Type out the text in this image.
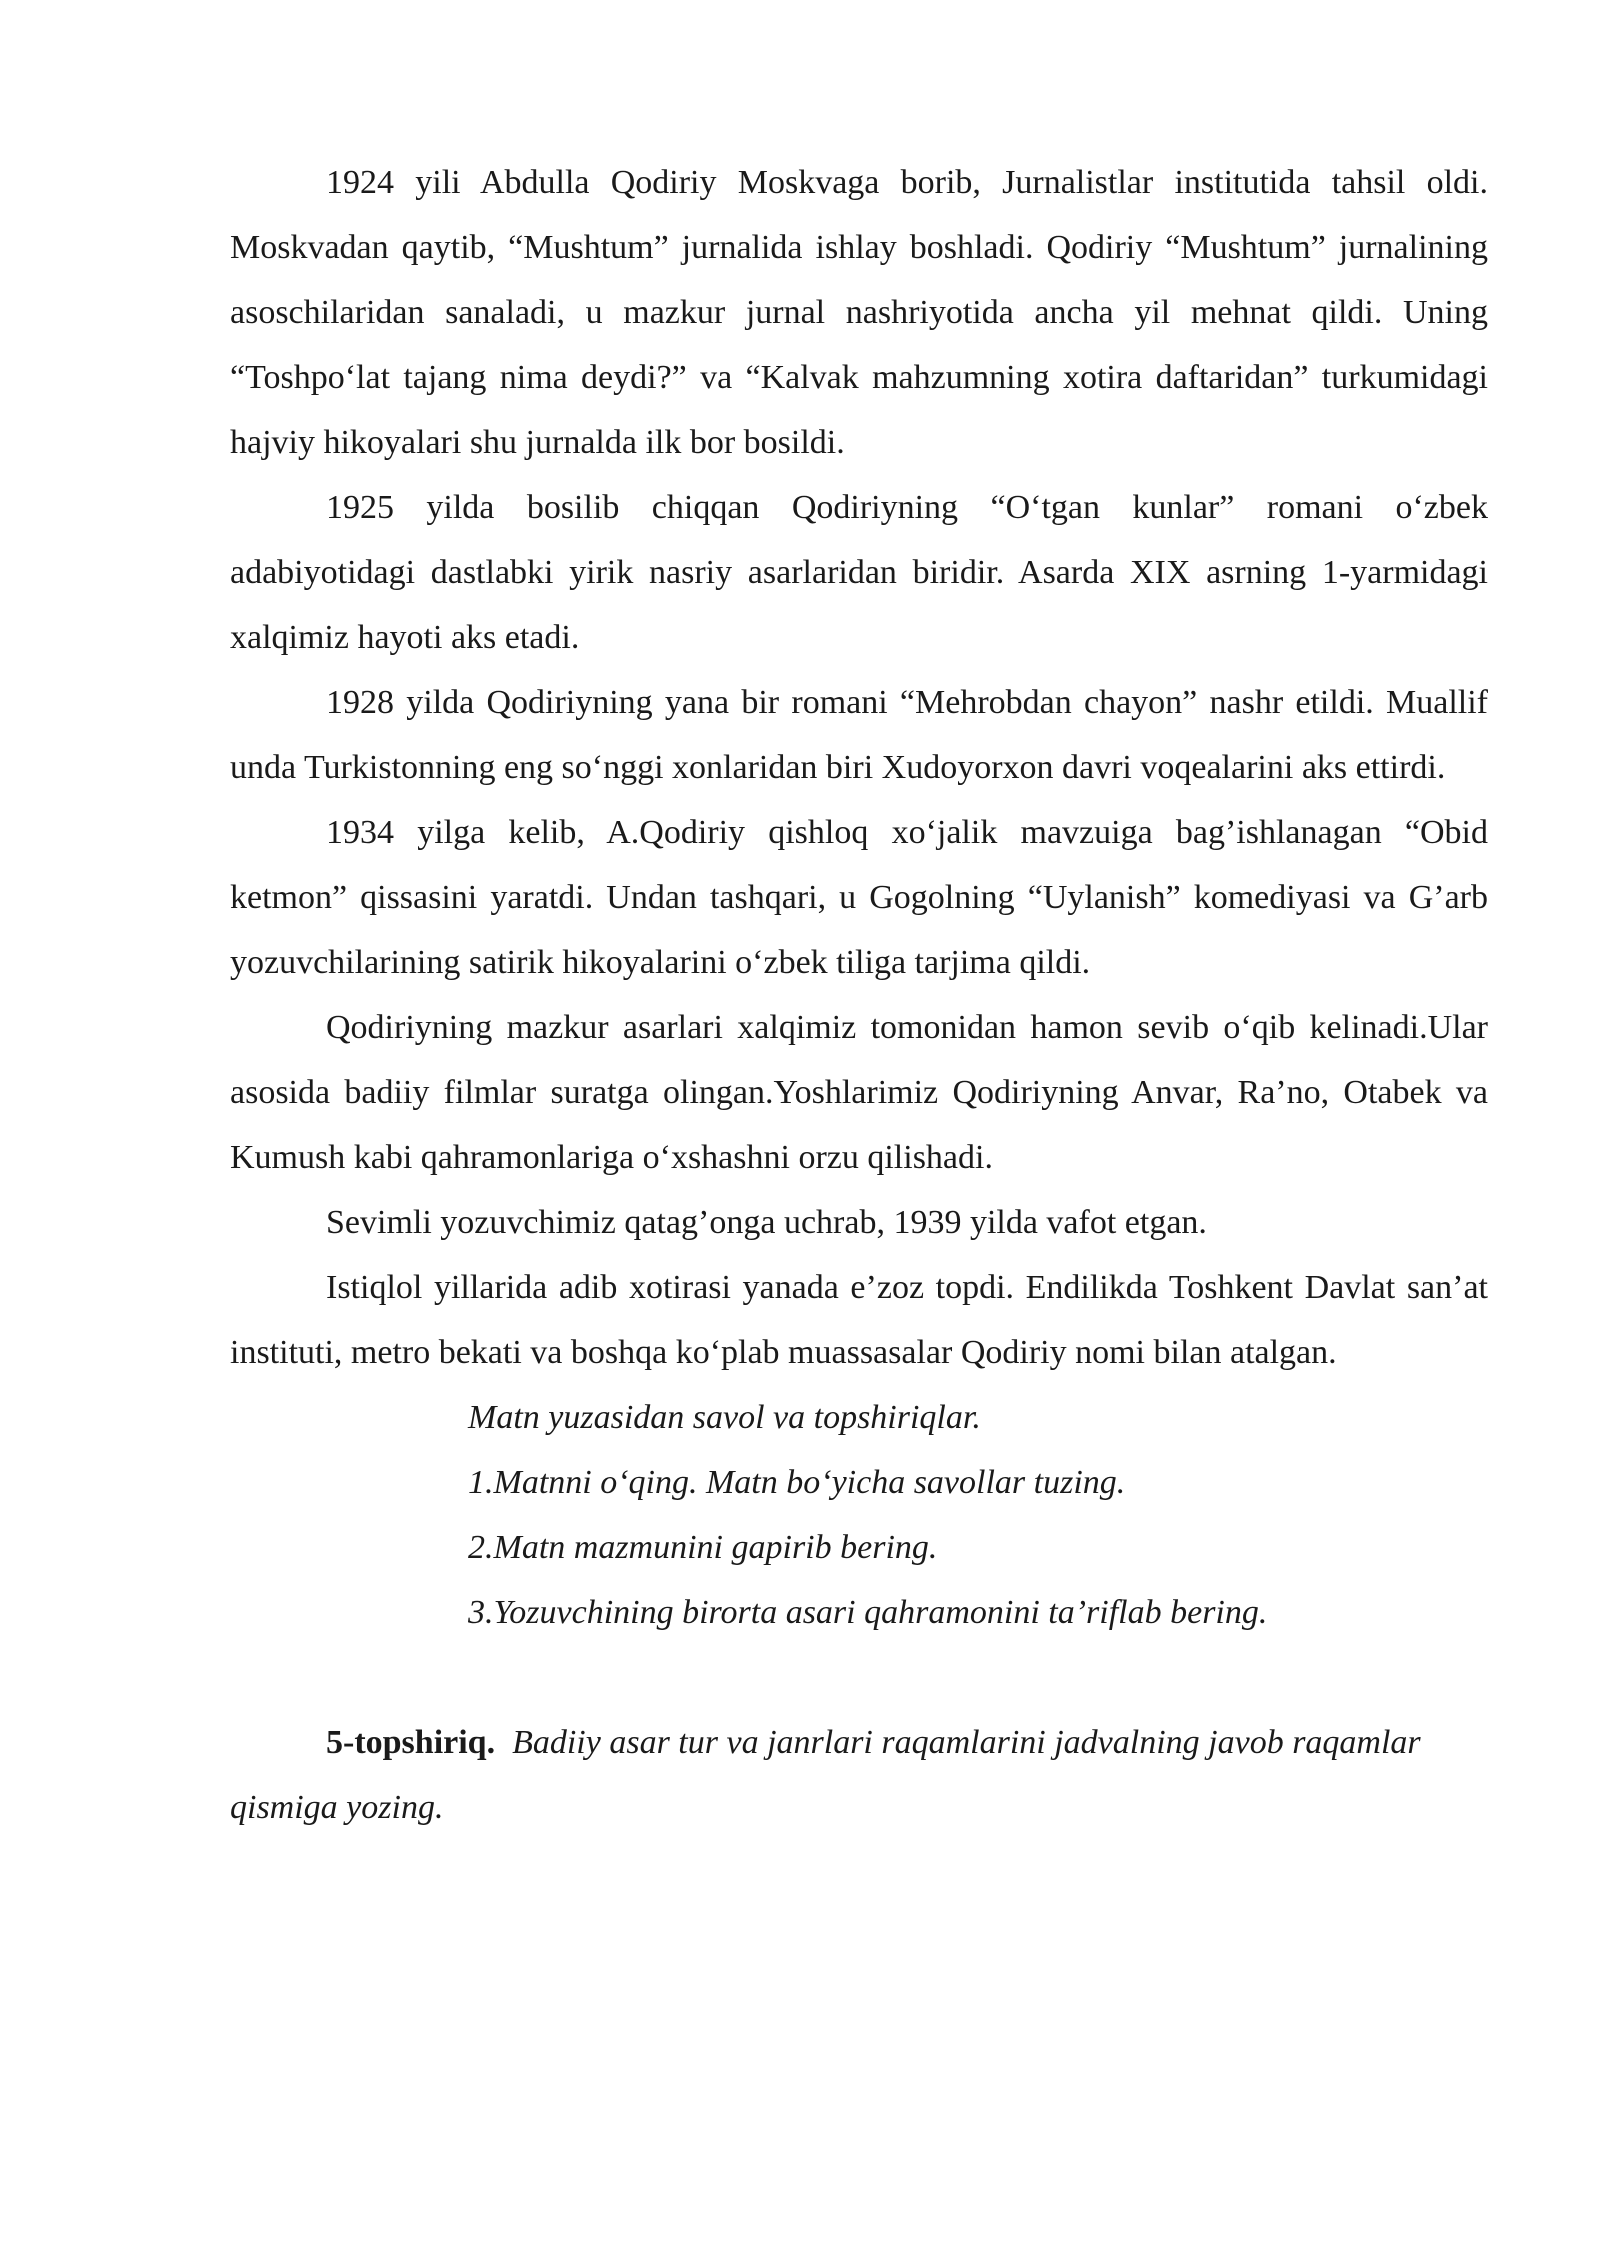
1924 yili Abdulla Qodiriy Moskvaga borib, Jurnalistlar institutida tahsil oldi. Moskvadan qaytib, “Mushtum” jurnalida ishlay boshladi. Qodiriy “Mushtum” jurnalining asoschilaridan sanaladi, u mazkur jurnal nashriyotida ancha yil mehnat qildi. Uning “Toshpo‘lat tajang nima deydi?” va “Kalvak mahzumning xotira daftaridan” turkumidagi hajviy hikoyalari shu jurnalda ilk bor bosildi.

1925 yilda bosilib chiqqan Qodiriyning “O‘tgan kunlar” romani o‘zbek adabiyotidagi dastlabki yirik nasriy asarlaridan biridir. Asarda XIX asrning 1-yarmidagi xalqimiz hayoti aks etadi.

1928 yilda Qodiriyning yana bir romani “Mehrobdan chayon” nashr etildi. Muallif unda Turkistonning eng so‘nggi xonlaridan biri Xudoyorxon davri voqealarini aks ettirdi.

1934 yilga kelib, A.Qodiriy qishloq xo‘jalik mavzuiga bag’ishlanagan “Obid ketmon” qissasini yaratdi. Undan tashqari, u Gogolning “Uylanish” komediyasi va G’arb yozuvchilarining satirik hikoyalarini o‘zbek tiliga tarjima qildi.

Qodiriyning mazkur asarlari xalqimiz tomonidan hamon sevib o‘qib kelinadi.Ular asosida badiiy filmlar suratga olingan.Yoshlarimiz Qodiriyning Anvar, Ra’no, Otabek va Kumush kabi qahramonlariga o‘xshashni orzu qilishadi.

Sevimli yozuvchimiz qatag’onga uchrab, 1939 yilda vafot etgan.

Istiqlol yillarida adib xotirasi yanada e’zoz topdi. Endilikda Toshkent Davlat san’at instituti, metro bekati va boshqa ko‘plab muassasalar Qodiriy nomi bilan atalgan.

Matn yuzasidan savol va topshiriqlar.

1.Matnni o‘qing. Matn bo‘yicha savollar tuzing.

2.Matn mazmunini gapirib bering.

3.Yozuvchining birorta asari qahramonini ta’riflab bering.

5-topshiriq. Badiiy asar tur va janrlari raqamlarini jadvalning javob raqamlar qismiga yozing.
